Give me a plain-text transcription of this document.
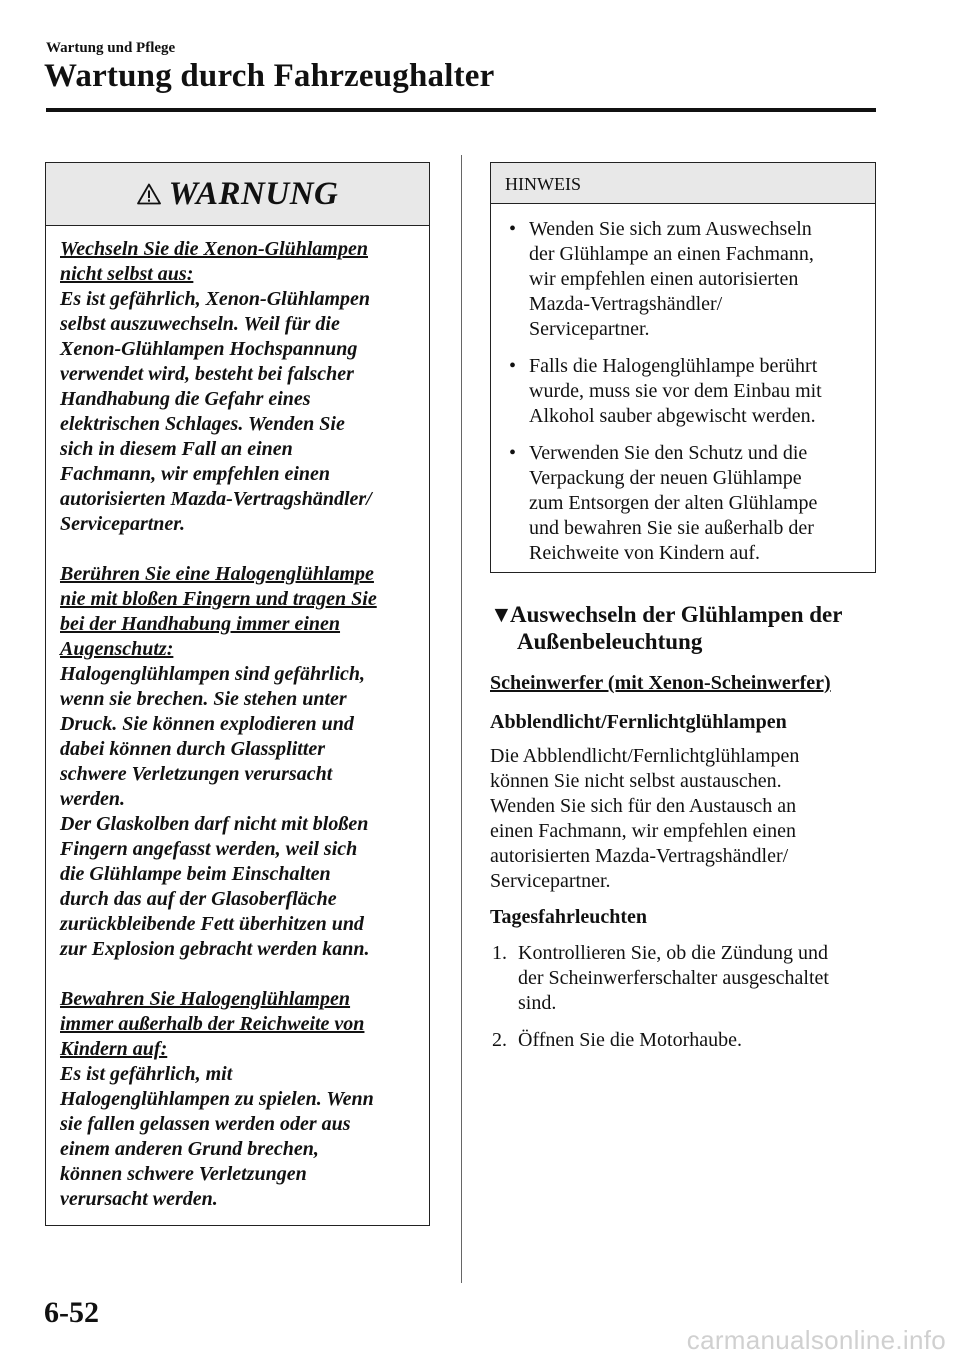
Wartung und Pflege
Wartung durch Fahrzeughalter
WARNUNG

Wechseln Sie die Xenon-Glühlampen

nicht selbst aus:

Es ist gefährlich, Xenon-Glühlampen

selbst auszuwechseln. Weil für die

Xenon-Glühlampen Hochspannung

verwendet wird, besteht bei falscher

Handhabung die Gefahr eines

elektrischen Schlages. Wenden Sie

sich in diesem Fall an einen

Fachmann, wir empfehlen einen

autorisierten Mazda-Vertragshändler/

Servicepartner.

Berühren Sie eine Halogenglühlampe

nie mit bloßen Fingern und tragen Sie

bei der Handhabung immer einen

Augenschutz:

Halogenglühlampen sind gefährlich,

wenn sie brechen. Sie stehen unter

Druck. Sie können explodieren und

dabei können durch Glassplitter

schwere Verletzungen verursacht

werden.

Der Glaskolben darf nicht mit bloßen

Fingern angefasst werden, weil sich

die Glühlampe beim Einschalten

durch das auf der Glasoberfläche

zurückbleibende Fett überhitzen und

zur Explosion gebracht werden kann.

Bewahren Sie Halogenglühlampen

immer außerhalb der Reichweite von

Kindern auf:

Es ist gefährlich, mit

Halogenglühlampen zu spielen. Wenn

sie fallen gelassen werden oder aus

einem anderen Grund brechen,

können schwere Verletzungen

verursacht werden.

HINWEIS
• Wenden Sie sich zum Auswechseln
der Glühlampe an einen Fachmann,
wir empfehlen einen autorisierten
Mazda-Vertragshändler/
Servicepartner.
• Falls die Halogenglühlampe berührt
wurde, muss sie vor dem Einbau mit
Alkohol sauber abgewischt werden.
• Verwenden Sie den Schutz und die
Verpackung der neuen Glühlampe
zum Entsorgen der alten Glühlampe
und bewahren Sie sie außerhalb der
Reichweite von Kindern auf.
▼Auswechseln der Glühlampen der
Außenbeleuchtung
Scheinwerfer (mit Xenon-Scheinwerfer)
Abblendlicht/Fernlichtglühlampen
Die Abblendlicht/Fernlichtglühlampen
können Sie nicht selbst austauschen.
Wenden Sie sich für den Austausch an
einen Fachmann, wir empfehlen einen
autorisierten Mazda-Vertragshändler/
Servicepartner.
Tagesfahrleuchten
1. Kontrollieren Sie, ob die Zündung und
der Scheinwerferschalter ausgeschaltet
sind.
2. Öffnen Sie die Motorhaube.
6-52
carmanualsonline.info
